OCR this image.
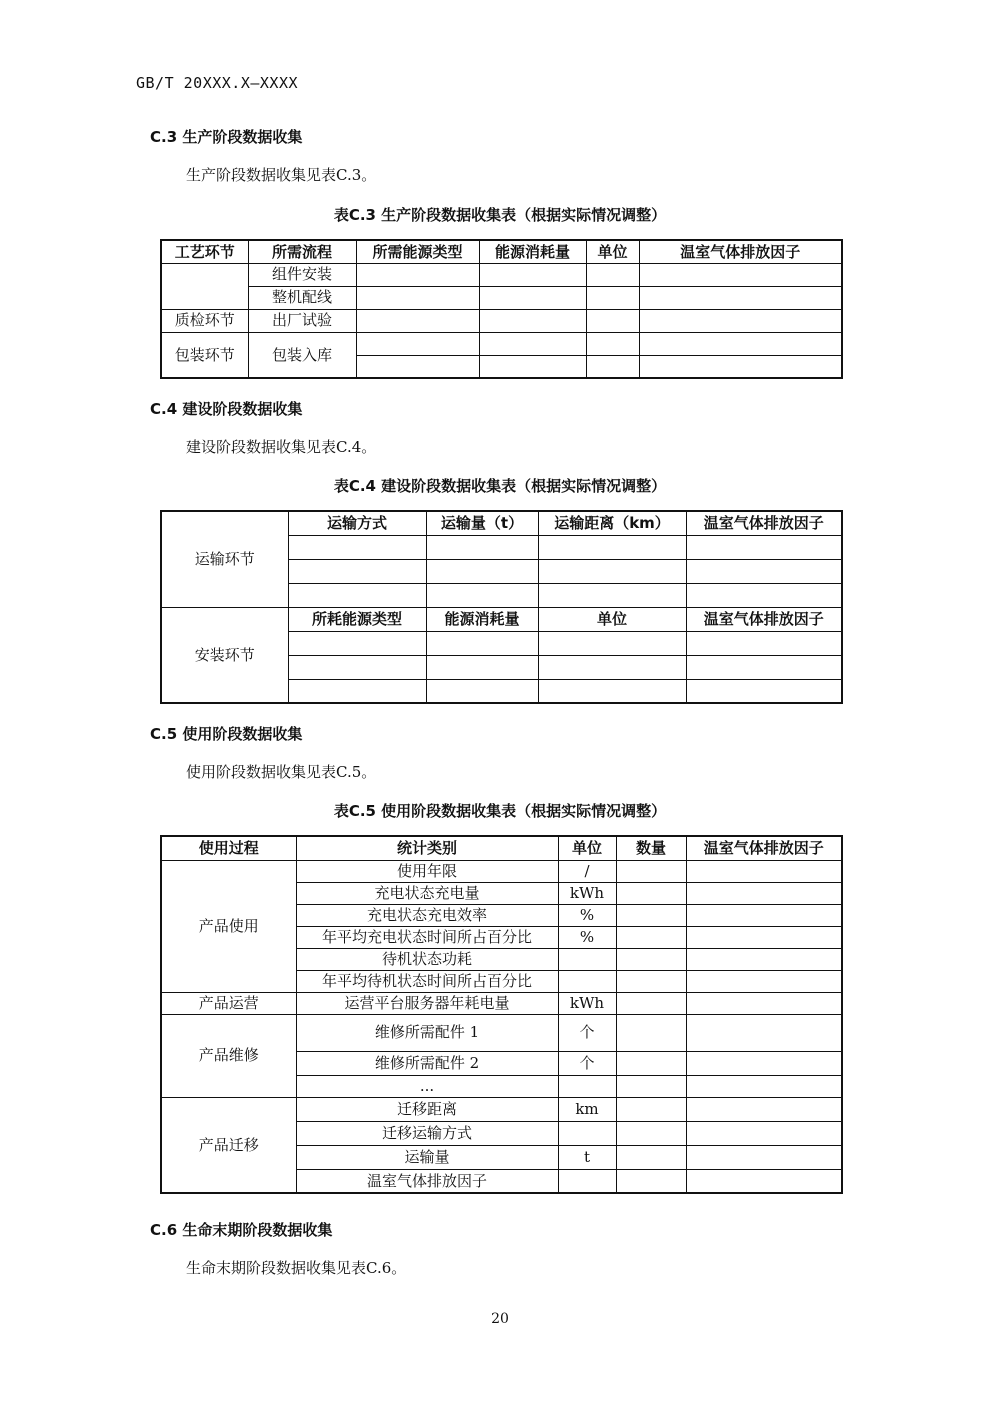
GB/T 20XXX.X—XXXX
C.3 生产阶段数据收集
生产阶段数据收集见表C.3。
表C.3 生产阶段数据收集表（根据实际情况调整）
工艺环节	所需流程	所需能源类型	能源消耗量	单位	温室气体排放因子
	组件安装				
	整机配线				
质检环节	出厂试验				
包装环节	包装入库				

C.4 建设阶段数据收集
建设阶段数据收集见表C.4。
表C.4 建设阶段数据收集表（根据实际情况调整）
运输环节	运输方式	运输量（t）	运输距离（km）	温室气体排放因子

安装环节	所耗能源类型	能源消耗量	单位	温室气体排放因子

C.5 使用阶段数据收集
使用阶段数据收集见表C.5。
表C.5 使用阶段数据收集表（根据实际情况调整）
使用过程	统计类别	单位	数量	温室气体排放因子
产品使用	使用年限	/		
	充电状态充电量	kWh		
	充电状态充电效率	%		
	年平均充电状态时间所占百分比	%		
	待机状态功耗			
	年平均待机状态时间所占百分比			
产品运营	运营平台服务器年耗电量	kWh		
产品维修	维修所需配件 1	个		
	维修所需配件 2	个		
	...			
产品迁移	迁移距离	km		
	迁移运输方式			
	运输量	t		
	温室气体排放因子			
C.6 生命末期阶段数据收集
生命末期阶段数据收集见表C.6。
20
